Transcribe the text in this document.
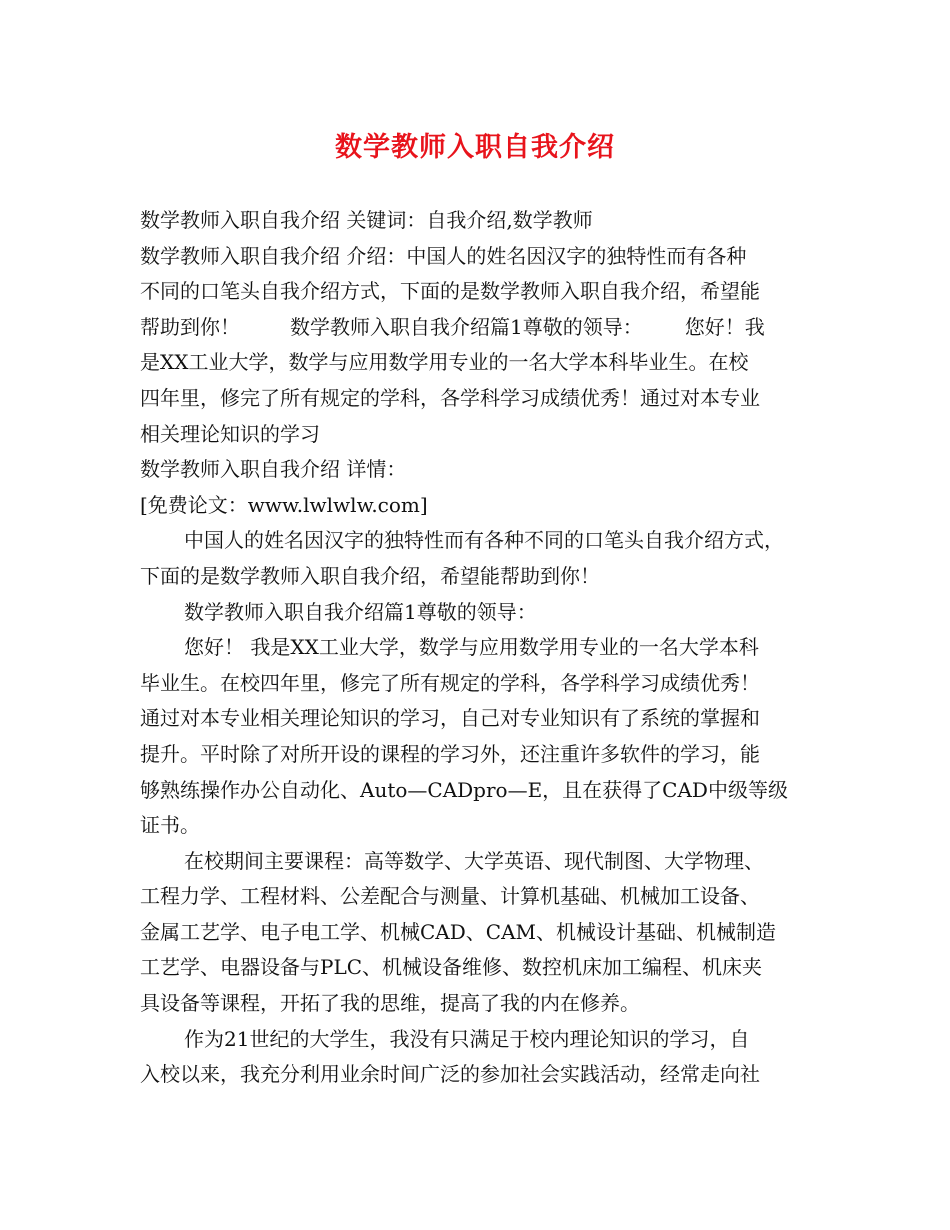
数学教师入职自我介绍
数学教师入职自我介绍 关键词：自我介绍,数学教师
数学教师入职自我介绍 介绍：中国人的姓名因汉字的独特性而有各种
不同的口笔头自我介绍方式，下面的是数学教师入职自我介绍，希望能
帮助到你！	数学教师入职自我介绍篇1尊敬的领导： 您好！我
是XX工业大学，数学与应用数学用专业的一名大学本科毕业生。在校
四年里，修完了所有规定的学科，各学科学习成绩优秀！通过对本专业
相关理论知识的学习
数学教师入职自我介绍 详情：
[免费论文：www.lwlwlw.com]
中国人的姓名因汉字的独特性而有各种不同的口笔头自我介绍方式，
下面的是数学教师入职自我介绍，希望能帮助到你！
数学教师入职自我介绍篇1尊敬的领导：
您好！ 我是XX工业大学，数学与应用数学用专业的一名大学本科
毕业生。在校四年里，修完了所有规定的学科，各学科学习成绩优秀！
通过对本专业相关理论知识的学习，自己对专业知识有了系统的掌握和
提升。平时除了对所开设的课程的学习外，还注重许多软件的学习，能
够熟练操作办公自动化、Auto—CADpro—E，且在获得了CAD中级等级
证书。
在校期间主要课程：高等数学、大学英语、现代制图、大学物理、
工程力学、工程材料、公差配合与测量、计算机基础、机械加工设备、
金属工艺学、电子电工学、机械CAD、CAM、机械设计基础、机械制造
工艺学、电器设备与PLC、机械设备维修、数控机床加工编程、机床夹
具设备等课程，开拓了我的思维，提高了我的内在修养。
作为21世纪的大学生，我没有只满足于校内理论知识的学习，自
入校以来，我充分利用业余时间广泛的参加社会实践活动，经常走向社
